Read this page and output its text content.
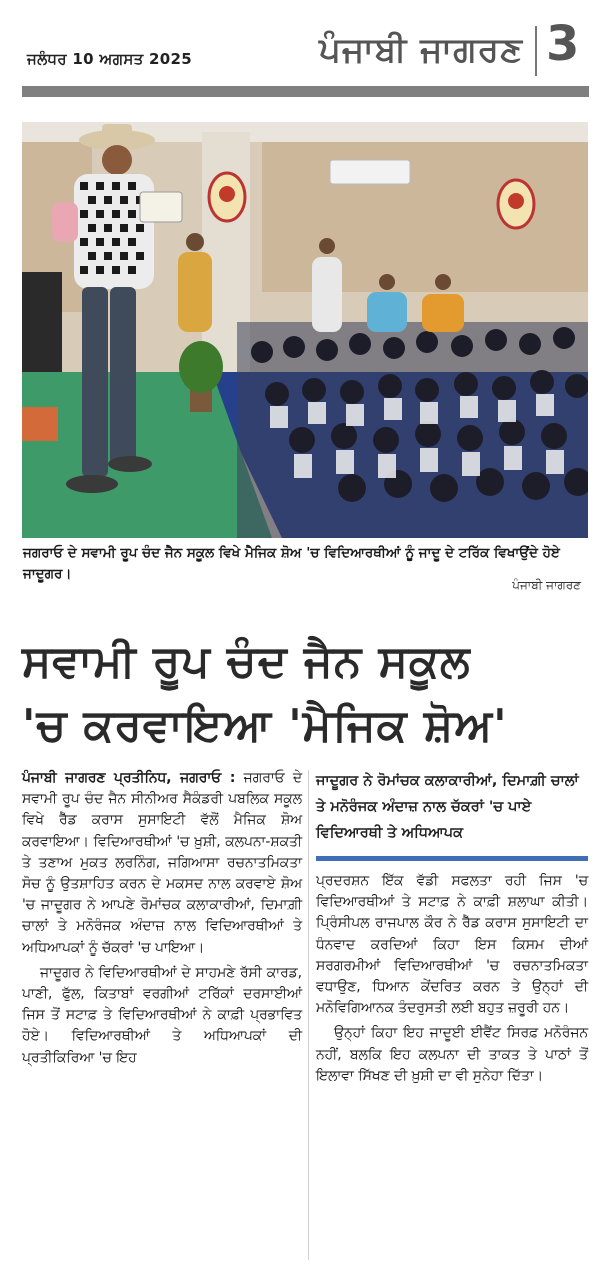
ਜਲੰਧਰ 10 ਅਗਸਤ 2025	ਪੰਜਾਬੀ ਜਾਗਰਣ 3
ਜਗਰਾਓ ਦੇ ਸਵਾਮੀ ਰੂਪ ਚੰਦ ਜੈਨ ਸਕੂਲ ਵਿਖੇ ਮੈਜਿਕ ਸ਼ੋਅ 'ਚ ਵਿਦਿਆਰਥੀਆਂ ਨੂੰ ਜਾਦੂ ਦੇ ਟਰਿੱਕ ਵਿਖਾਉਂਦੇ ਹੋਏ ਜਾਦੂਗਰ।
ਪੰਜਾਬੀ ਜਾਗਰਣ
ਸਵਾਮੀ ਰੂਪ ਚੰਦ ਜੈਨ ਸਕੂਲ
'ਚ ਕਰਵਾਇਆ 'ਮੈਜਿਕ ਸ਼ੋਅ'

ਪੰਜਾਬੀ ਜਾਗਰਣ ਪ੍ਰਤੀਨਿਧ, ਜਗਰਾਓ : ਜਗਰਾਓ ਦੇ ਸਵਾਮੀ ਰੂਪ ਚੰਦ ਜੈਨ ਸੀਨੀਅਰ ਸੈਕੰਡਰੀ ਪਬਲਿਕ ਸਕੂਲ ਵਿਖੇ ਰੈੱਡ ਕਰਾਸ ਸੁਸਾਇਟੀ ਵੱਲੋਂ ਮੈਜਿਕ ਸ਼ੋਅ ਕਰਵਾਇਆ। ਵਿਦਿਆਰਥੀਆਂ 'ਚ ਖ਼ੁਸ਼ੀ, ਕਲਪਨਾ-ਸ਼ਕਤੀ ਤੇ ਤਣਾਅ ਮੁਕਤ ਲਰਨਿੰਗ, ਜਗਿਆਸਾ ਰਚਨਾਤਮਿਕਤਾ ਸੋਚ ਨੂੰ ਉਤਸ਼ਾਹਿਤ ਕਰਨ ਦੇ ਮਕਸਦ ਨਾਲ ਕਰਵਾਏ ਸ਼ੋਅ 'ਚ ਜਾਦੂਗਰ ਨੇ ਆਪਣੇ ਰੋਮਾਂਚਕ ਕਲਾਕਾਰੀਆਂ, ਦਿਮਾਗ਼ੀ ਚਾਲਾਂ ਤੇ ਮਨੋਰੰਜਕ ਅੰਦਾਜ਼ ਨਾਲ ਵਿਦਿਆਰਥੀਆਂ ਤੇ ਅਧਿਆਪਕਾਂ ਨੂੰ ਚੱਕਰਾਂ 'ਚ ਪਾਇਆ।

ਜਾਦੂਗਰ ਨੇ ਵਿਦਿਆਰਥੀਆਂ ਦੇ ਸਾਹਮਣੇ ਰੱਸੀ ਕਾਰਡ, ਪਾਣੀ, ਫੁੱਲ, ਕਿਤਾਬਾਂ ਵਰਗੀਆਂ ਟਰਿੱਕਾਂ ਦਰਸਾਈਆਂ ਜਿਸ ਤੋਂ ਸਟਾਫ਼ ਤੇ ਵਿਦਿਆਰਥੀਆਂ ਨੇ ਕਾਫ਼ੀ ਪ੍ਰਭਾਵਿਤ ਹੋਏ। ਵਿਦਿਆਰਥੀਆਂ ਤੇ ਅਧਿਆਪਕਾਂ ਦੀ ਪ੍ਰਤੀਕਿਰਿਆ 'ਚ ਇਹ

ਜਾਦੂਗਰ ਨੇ ਰੋਮਾਂਚਕ ਕਲਾਕਾਰੀਆਂ, ਦਿਮਾਗ਼ੀ ਚਾਲਾਂ ਤੇ ਮਨੋਰੰਜਕ ਅੰਦਾਜ਼ ਨਾਲ ਚੱਕਰਾਂ 'ਚ ਪਾਏ ਵਿਦਿਆਰਥੀ ਤੇ ਅਧਿਆਪਕ

ਪ੍ਰਦਰਸ਼ਨ ਇੱਕ ਵੱਡੀ ਸਫਲਤਾ ਰਹੀ ਜਿਸ 'ਚ ਵਿਦਿਆਰਥੀਆਂ ਤੇ ਸਟਾਫ਼ ਨੇ ਕਾਫ਼ੀ ਸ਼ਲਾਘਾ ਕੀਤੀ। ਪ੍ਰਿੰਸੀਪਲ ਰਾਜਪਾਲ ਕੌਰ ਨੇ ਰੈੱਡ ਕਰਾਸ ਸੁਸਾਇਟੀ ਦਾ ਧੰਨਵਾਦ ਕਰਦਿਆਂ ਕਿਹਾ ਇਸ ਕਿਸਮ ਦੀਆਂ ਸਰਗਰਮੀਆਂ ਵਿਦਿਆਰਥੀਆਂ 'ਚ ਰਚਨਾਤਮਿਕਤਾ ਵਧਾਉਣ, ਧਿਆਨ ਕੇਂਦਰਿਤ ਕਰਨ ਤੇ ਉਨ੍ਹਾਂ ਦੀ ਮਨੋਵਿਗਿਆਨਕ ਤੰਦਰੁਸਤੀ ਲਈ ਬਹੁਤ ਜ਼ਰੂਰੀ ਹਨ।

ਉਨ੍ਹਾਂ ਕਿਹਾ ਇਹ ਜਾਦੂਈ ਈਵੈਂਟ ਸਿਰਫ਼ ਮਨੋਰੰਜਨ ਨਹੀਂ, ਬਲਕਿ ਇਹ ਕਲਪਨਾ ਦੀ ਤਾਕਤ ਤੇ ਪਾਠਾਂ ਤੋਂ ਇਲਾਵਾ ਸਿੱਖਣ ਦੀ ਖ਼ੁਸ਼ੀ ਦਾ ਵੀ ਸੁਨੇਹਾ ਦਿੱਤਾ।
